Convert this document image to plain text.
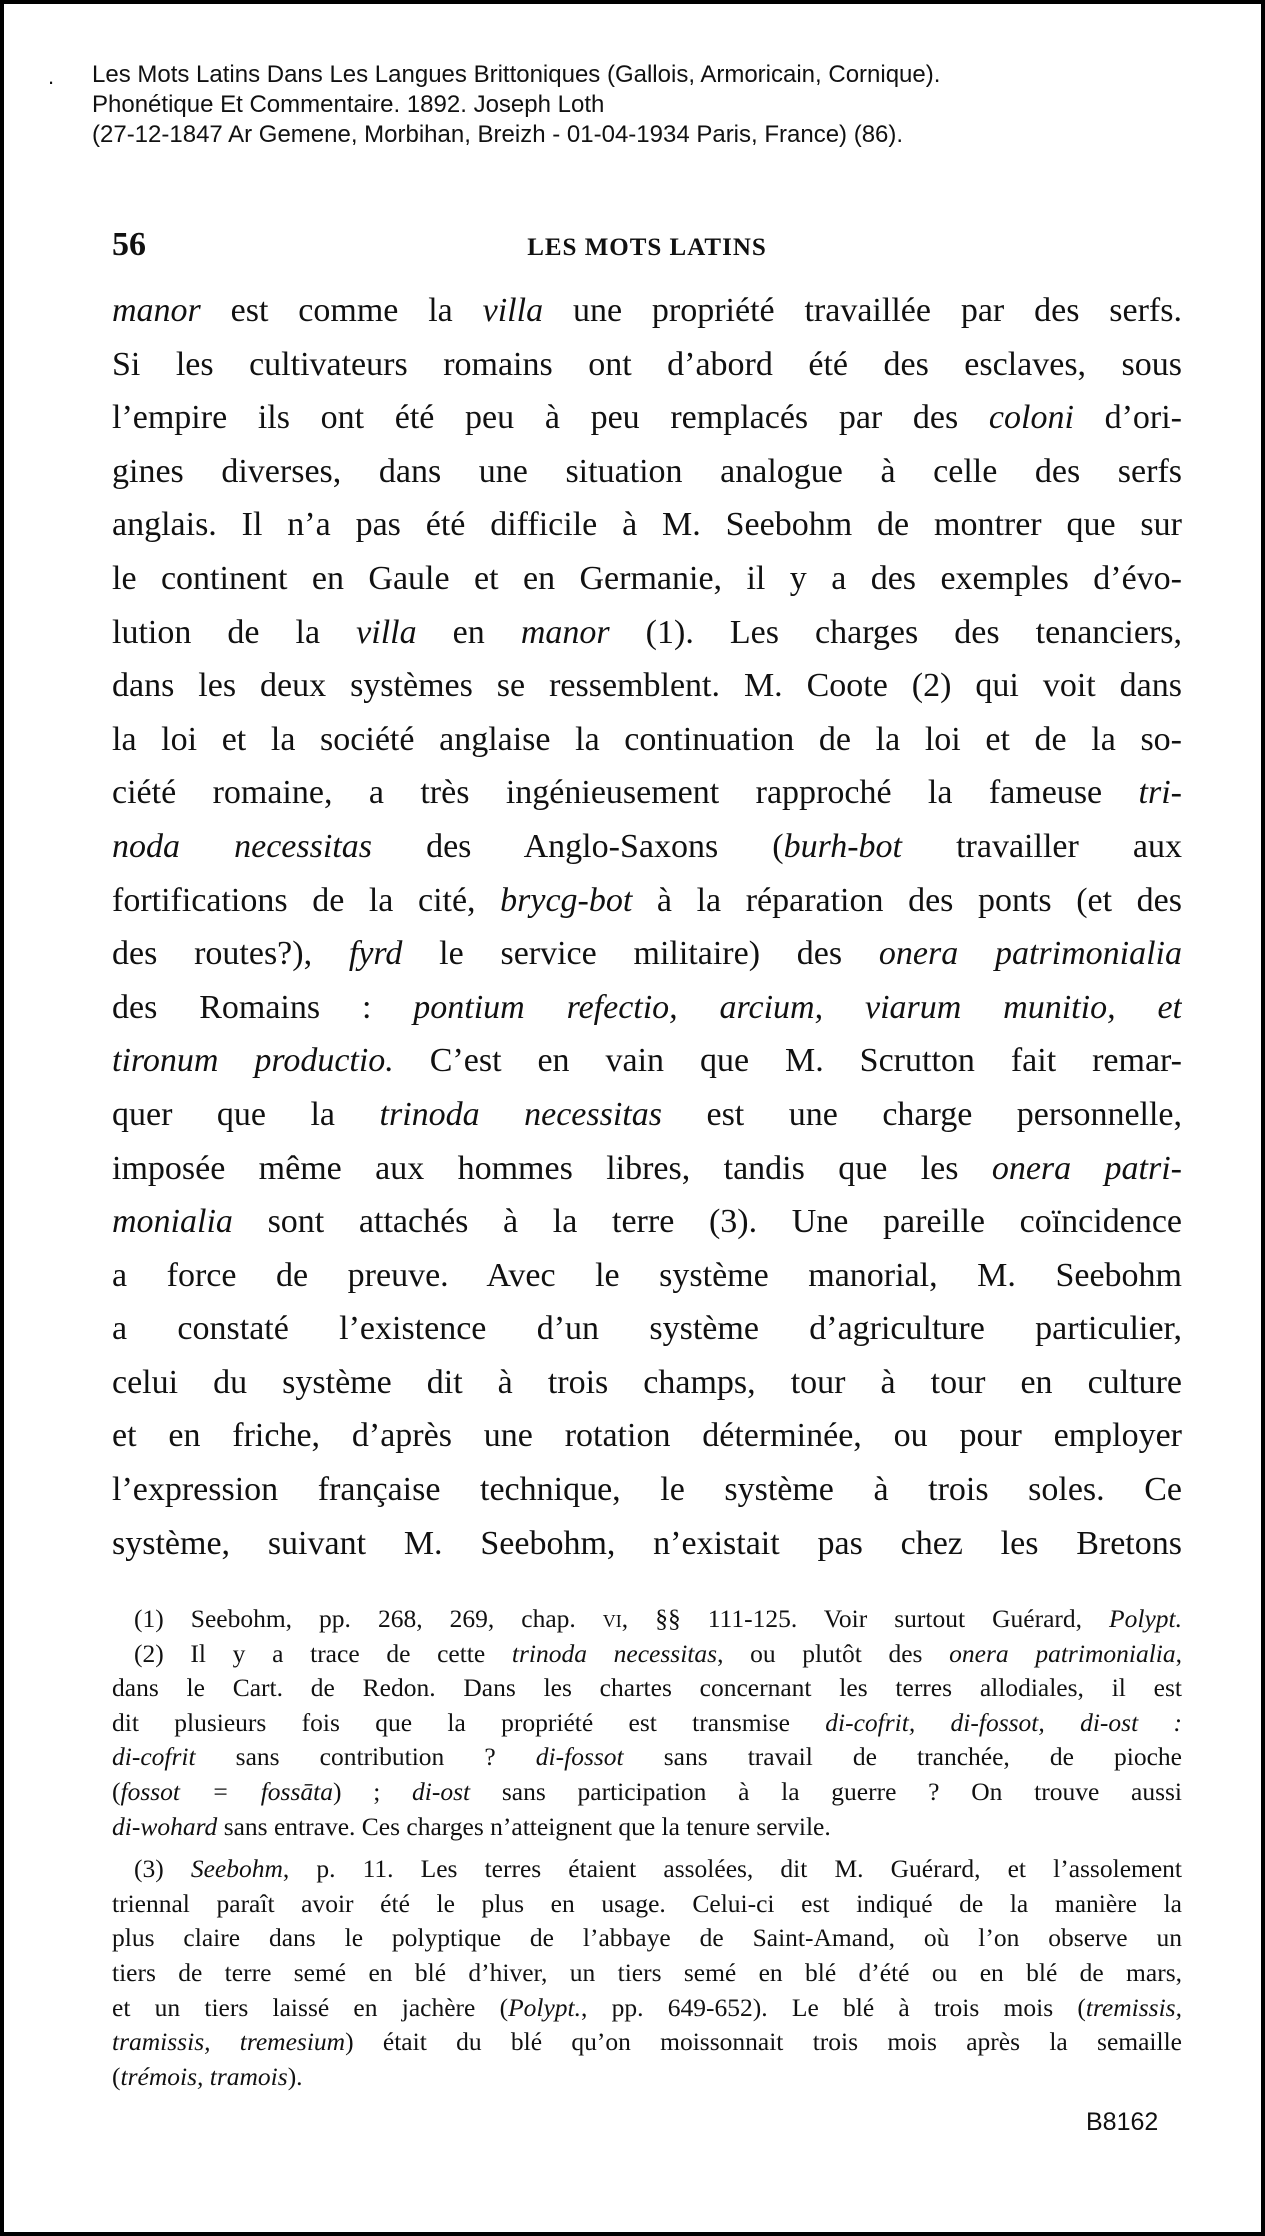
. Les Mots Latins Dans Les Langues Brittoniques (Gallois, Armoricain, Cornique).
Phonétique Et Commentaire. 1892. Joseph Loth
(27-12-1847 Ar Gemene, Morbihan, Breizh - 01-04-1934 Paris, France) (86).
56	LES MOTS LATINS
manor est comme la villa une propriété travaillée par des serfs.
Si les cultivateurs romains ont d’abord été des esclaves, sous
l’empire ils ont été peu à peu remplacés par des coloni d’ori-
gines diverses, dans une situation analogue à celle des serfs
anglais. Il n’a pas été difficile à M. Seebohm de montrer que sur
le continent en Gaule et en Germanie, il y a des exemples d’évo-
lution de la villa en manor (1). Les charges des tenanciers,
dans les deux systèmes se ressemblent. M. Coote (2) qui voit dans
la loi et la société anglaise la continuation de la loi et de la so-
ciété romaine, a très ingénieusement rapproché la fameuse tri-
noda necessitas des Anglo-Saxons (burh-bot travailler aux
fortifications de la cité, brycg-bot à la réparation des ponts (et des
des routes?), fyrd le service militaire) des onera patrimonialia
des Romains : pontium refectio, arcium, viarum munitio, et
tironum productio. C’est en vain que M. Scrutton fait remar-
quer que la trinoda necessitas est une charge personnelle,
imposée même aux hommes libres, tandis que les onera patri-
monialia sont attachés à la terre (3). Une pareille coïncidence
a force de preuve. Avec le système manorial, M. Seebohm
a constaté l’existence d’un système d’agriculture particulier,
celui du système dit à trois champs, tour à tour en culture
et en friche, d’après une rotation déterminée, ou pour employer
l’expression française technique, le système à trois soles. Ce
système, suivant M. Seebohm, n’existait pas chez les Bretons
(1) Seebohm, pp. 268, 269, chap. vi, §§ 111-125. Voir surtout Guérard, Polypt.
(2) Il y a trace de cette trinoda necessitas, ou plutôt des onera patrimonialia,
dans le Cart. de Redon. Dans les chartes concernant les terres allodiales, il est
dit plusieurs fois que la propriété est transmise di-cofrit, di-fossot, di-ost :
di-cofrit sans contribution ? di-fossot sans travail de tranchée, de pioche
(fossot = fossāta) ; di-ost sans participation à la guerre ? On trouve aussi
di-wohard sans entrave. Ces charges n’atteignent que la tenure servile.
(3) Seebohm, p. 11. Les terres étaient assolées, dit M. Guérard, et l’assolement
triennal paraît avoir été le plus en usage. Celui-ci est indiqué de la manière la
plus claire dans le polyptique de l’abbaye de Saint-Amand, où l’on observe un
tiers de terre semé en blé d’hiver, un tiers semé en blé d’été ou en blé de mars,
et un tiers laissé en jachère (Polypt., pp. 649-652). Le blé à trois mois (tremissis,
tramissis, tremesium) était du blé qu’on moissonnait trois mois après la semaille
(trémois, tramois).
B8162
